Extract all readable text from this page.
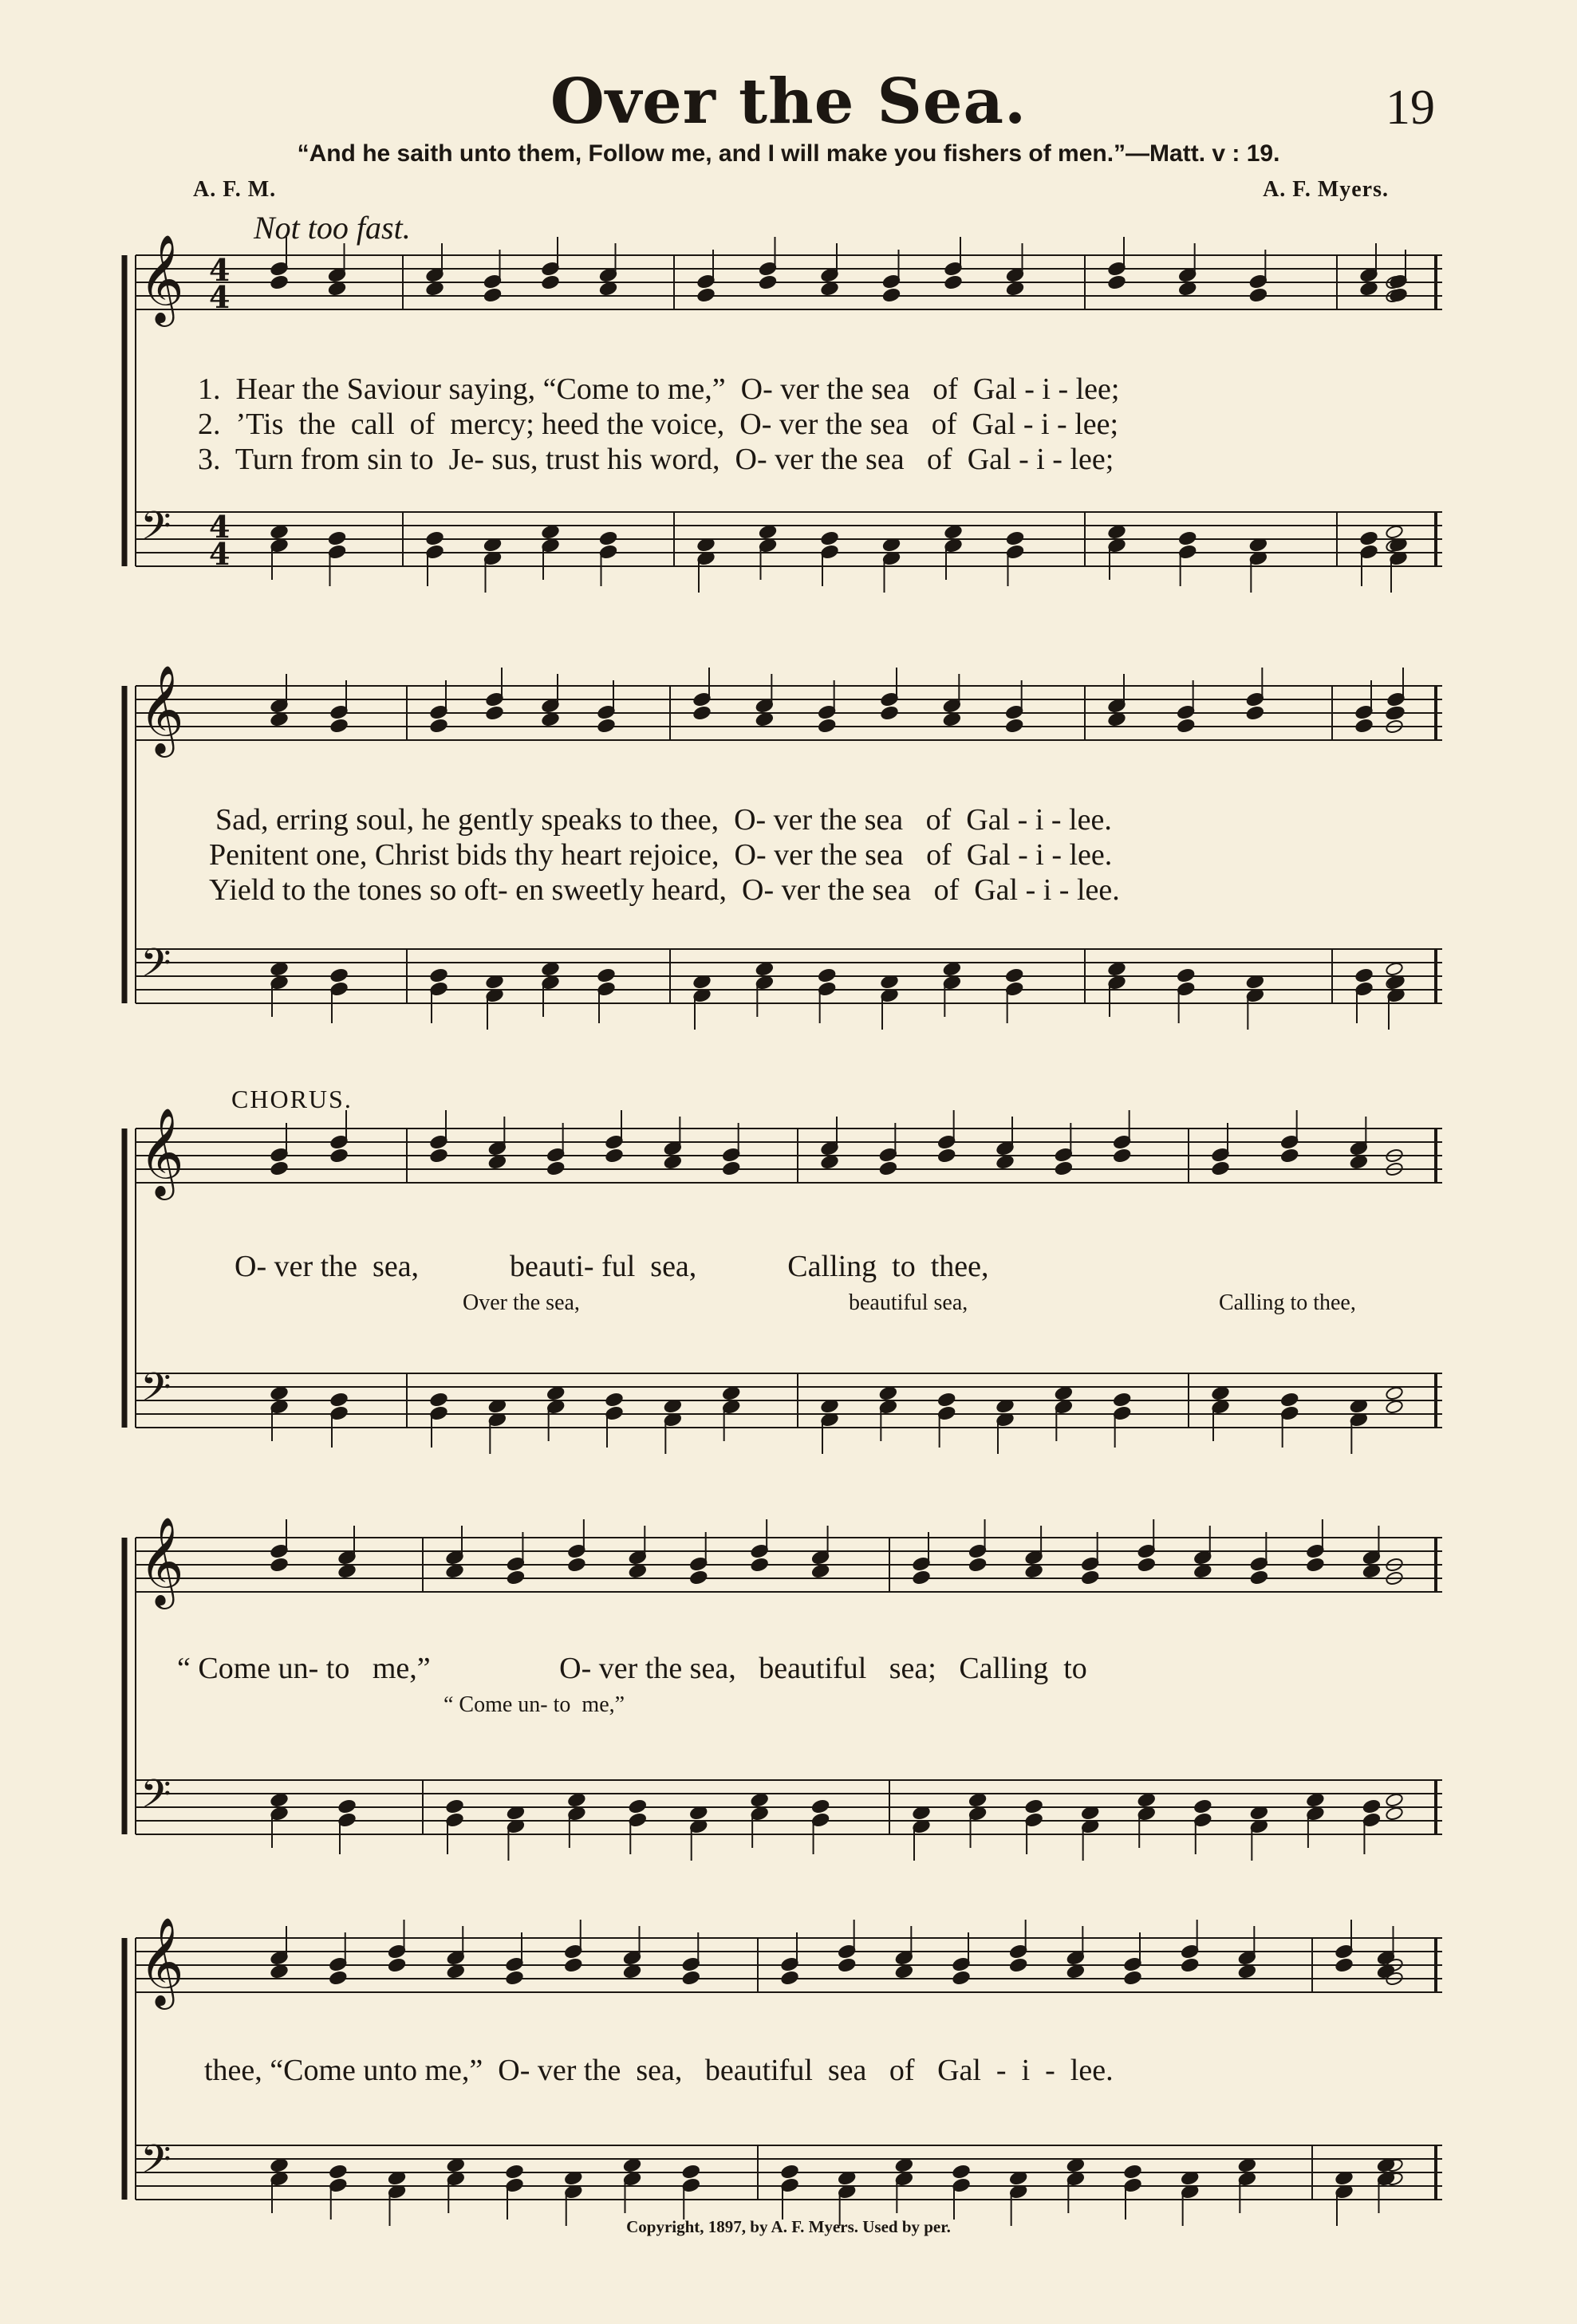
Over the Sea.	19
“And he saith unto them, Follow me, and I will make you fishers of men.”—Matt. v : 19.
A. F. M.	A. F. Myers.
Not too fast.
𝄞
𝄢
4
4
4
4
𝄞
𝄢
𝄞
𝄢
𝄞
𝄢
𝄞
𝄢
1.  Hear the Saviour saying, “Come to me,”  O- ver the sea   of  Gal - i - lee;
2.  ’Tis  the  call  of  mercy; heed the voice,  O- ver the sea   of  Gal - i - lee;
3.  Turn from sin to  Je- sus, trust his word,  O- ver the sea   of  Gal - i - lee;
Sad, erring soul, he gently speaks to thee,  O- ver the sea   of  Gal - i - lee.
Penitent one, Christ bids thy heart rejoice,  O- ver the sea   of  Gal - i - lee.
Yield to the tones so oft- en sweetly heard,  O- ver the sea   of  Gal - i - lee.
CHORUS.
O- ver the  sea,            beauti- ful  sea,            Calling  to  thee,
Over the sea,	beautiful sea,	Calling to thee,
“ Come un- to   me,”                 O- ver the sea,   beautiful   sea;   Calling  to
“ Come un- to  me,”
thee, “Come unto me,”  O- ver the  sea,   beautiful  sea   of   Gal  -  i  -  lee.
Copyright, 1897, by A. F. Myers. Used by per.
